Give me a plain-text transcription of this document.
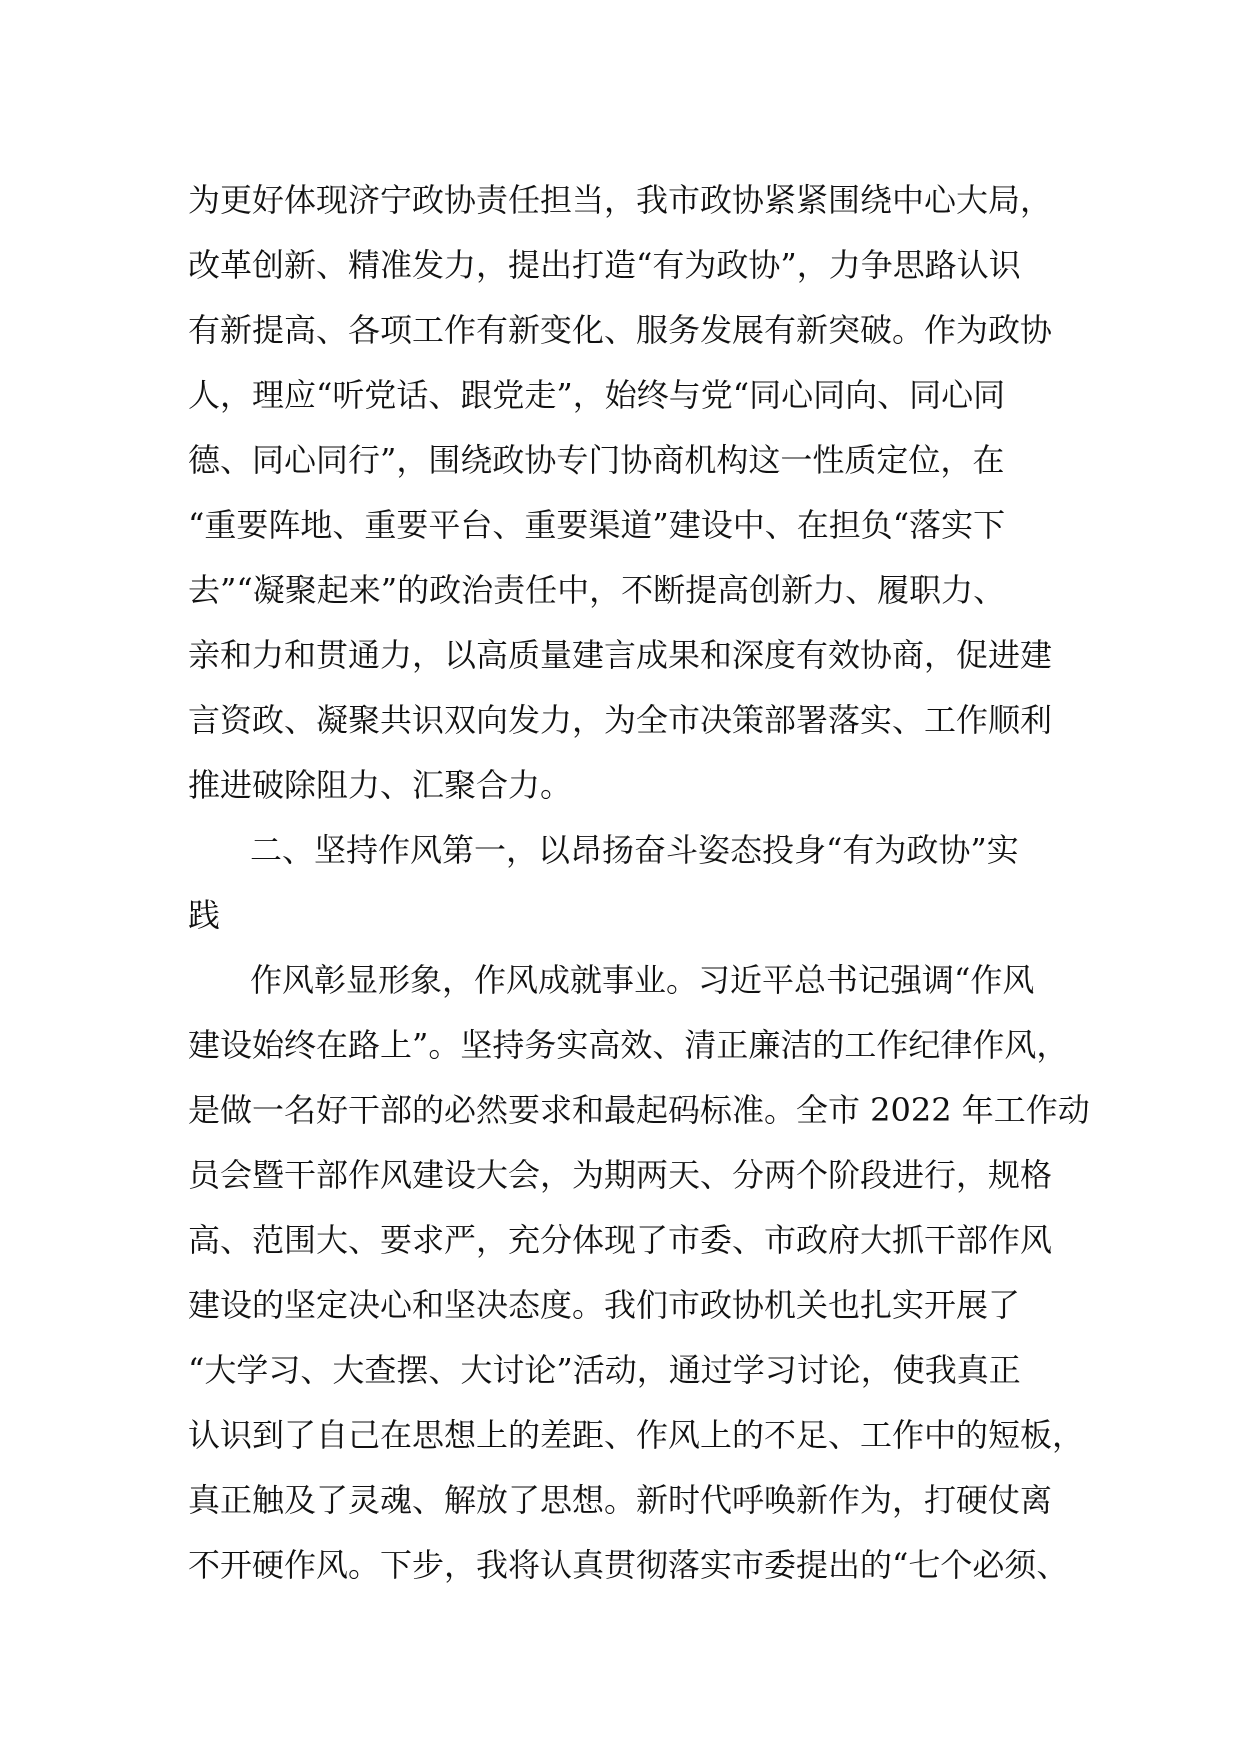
为更好体现济宁政协责任担当，我市政协紧紧围绕中心大局，
改革创新、精准发力，提出打造“有为政协”，力争思路认识
有新提高、各项工作有新变化、服务发展有新突破。作为政协
人，理应“听党话、跟党走”，始终与党“同心同向、同心同
德、同心同行”，围绕政协专门协商机构这一性质定位，在
“重要阵地、重要平台、重要渠道”建设中、在担负“落实下
去”“凝聚起来”的政治责任中，不断提高创新力、履职力、
亲和力和贯通力，以高质量建言成果和深度有效协商，促进建
言资政、凝聚共识双向发力，为全市决策部署落实、工作顺利
推进破除阻力、汇聚合力。
二、坚持作风第一，以昂扬奋斗姿态投身“有为政协”实
践
作风彰显形象，作风成就事业。习近平总书记强调“作风
建设始终在路上”。坚持务实高效、清正廉洁的工作纪律作风，
是做一名好干部的必然要求和最起码标准。全市 2022 年工作动
员会暨干部作风建设大会，为期两天、分两个阶段进行，规格
高、范围大、要求严，充分体现了市委、市政府大抓干部作风
建设的坚定决心和坚决态度。我们市政协机关也扎实开展了
“大学习、大查摆、大讨论”活动，通过学习讨论，使我真正
认识到了自己在思想上的差距、作风上的不足、工作中的短板，
真正触及了灵魂、解放了思想。新时代呼唤新作为，打硬仗离
不开硬作风。下步，我将认真贯彻落实市委提出的“七个必须、
